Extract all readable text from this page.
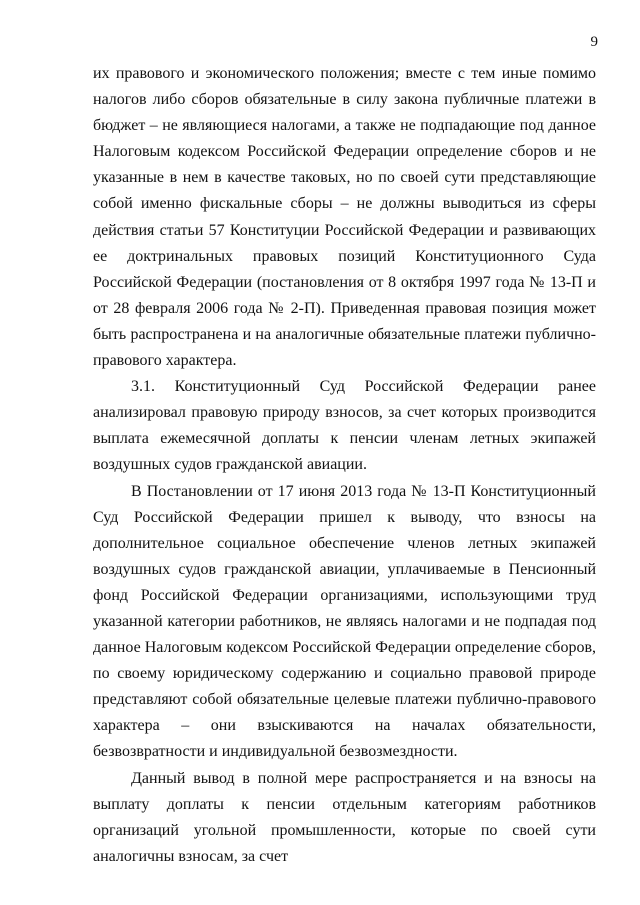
9

их правового и экономического положения; вместе с тем иные помимо налогов либо сборов обязательные в силу закона публичные платежи в бюджет – не являющиеся налогами, а также не подпадающие под данное Налоговым кодексом Российской Федерации определение сборов и не указанные в нем в качестве таковых, но по своей сути представляющие собой именно фискальные сборы – не должны выводиться из сферы действия статьи 57 Конституции Российской Федерации и развивающих ее доктринальных правовых позиций Конституционного Суда Российской Федерации (постановления от 8 октября 1997 года № 13-П и от 28 февраля 2006 года № 2-П). Приведенная правовая позиция может быть распространена и на аналогичные обязательные платежи публично-правового характера.

3.1. Конституционный Суд Российской Федерации ранее анализировал правовую природу взносов, за счет которых производится выплата ежемесячной доплаты к пенсии членам летных экипажей воздушных судов гражданской авиации.

В Постановлении от 17 июня 2013 года № 13-П Конституционный Суд Российской Федерации пришел к выводу, что взносы на дополнительное социальное обеспечение членов летных экипажей воздушных судов гражданской авиации, уплачиваемые в Пенсионный фонд Российской Федерации организациями, использующими труд указанной категории работников, не являясь налогами и не подпадая под данное Налоговым кодексом Российской Федерации определение сборов, по своему юридическому содержанию и социально правовой природе представляют собой обязательные целевые платежи публично-правового характера – они взыскиваются на началах обязательности, безвозвратности и индивидуальной безвозмездности.

Данный вывод в полной мере распространяется и на взносы на выплату доплаты к пенсии отдельным категориям работников организаций угольной промышленности, которые по своей сути аналогичны взносам, за счет
